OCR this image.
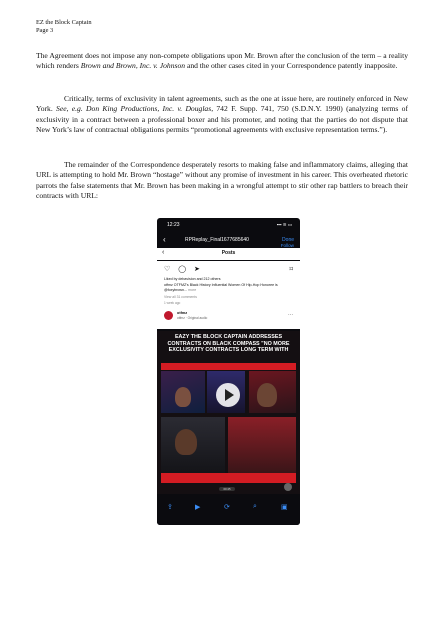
EZ the Block Captain
Page 3

The Agreement does not impose any non-compete obligations upon Mr. Brown after the conclusion of the term – a reality which renders Brown and Brown, Inc. v. Johnson and the other cases cited in your Correspondence patently inapposite.

Critically, terms of exclusivity in talent agreements, such as the one at issue here, are routinely enforced in New York. See, e.g. Don King Productions, Inc. v. Douglas, 742 F. Supp. 741, 750 (S.D.N.Y. 1990) (analyzing terms of exclusivity in a contract between a professional boxer and his promoter, and noting that the parties do not dispute that New York’s law of contractual obligations permits “promotional agreements with exclusive representation terms.”).

The remainder of the Correspondence desperately resorts to making false and inflammatory claims, alleging that URL is attempting to hold Mr. Brown “hostage” without any promise of investment in his career. This overheated rhetoric parrots the false statements that Mr. Brown has been making in a wrongful attempt to stir other rap battlers to breach their contracts with URL:

12:23	▪▪▪ ≋ ▭
‹	RPReplay_Final1677685640	Done
‹	Posts
Follow
♡ ◯ ➤	⌑
Liked by debavision and 212 others
otfmz OTFMZ’s Black History Influential Women Of Hip-Hop Honoree is @foxybrown... more
View all 31 comments
1 week ago
otfmz
otfmz · Original audio	···
EAZY THE BLOCK CAPTAIN ADDRESSES CONTRACTS ON BLACK COMPASS "NO MORE EXCLUSIVITY CONTRACTS LONG TERM WITH
00:45
⇪	▶	⟳	⌕	▣
